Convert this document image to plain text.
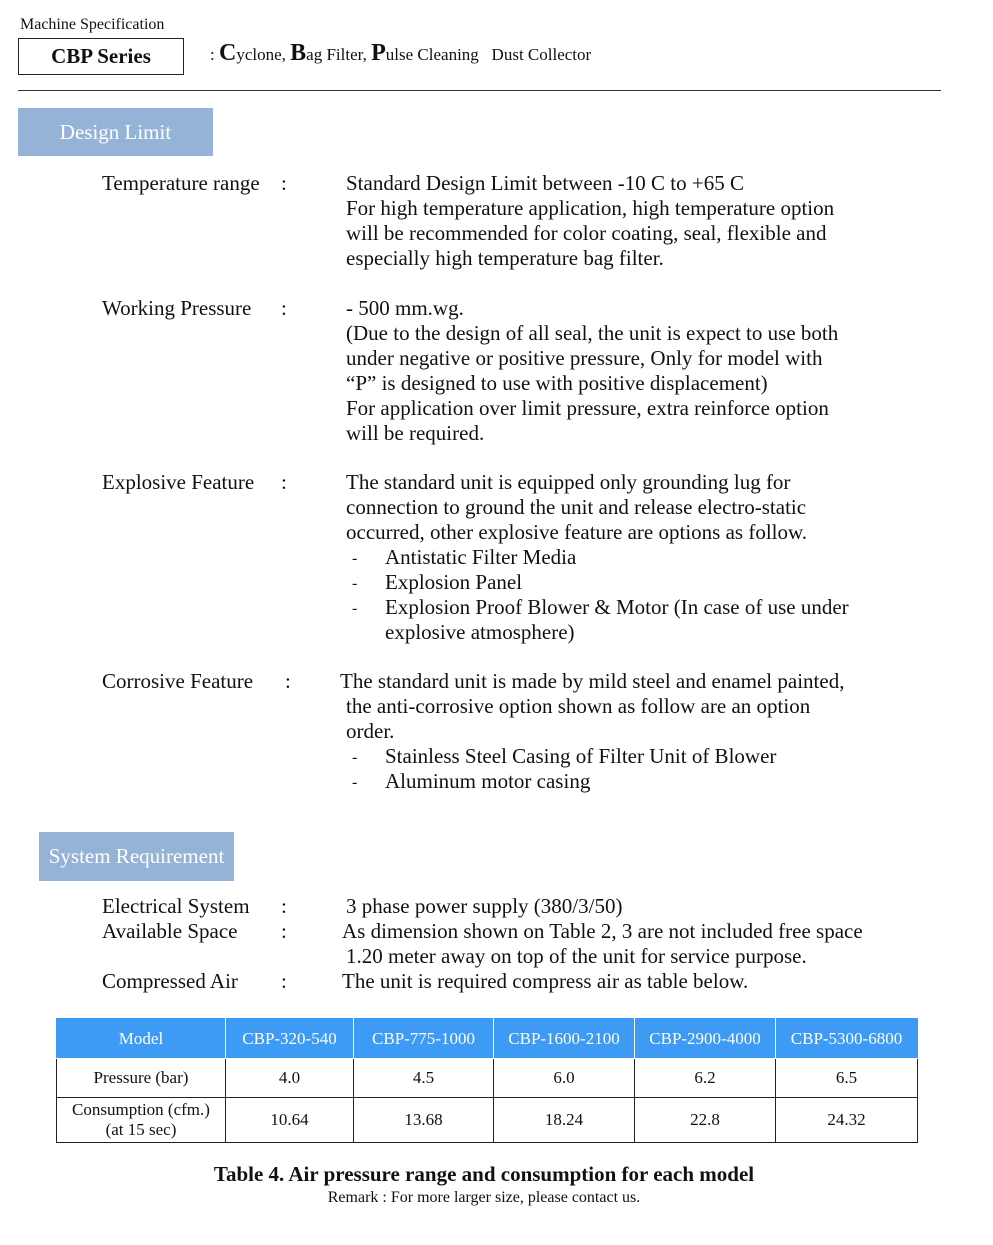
Machine Specification
CBP Series	: Cyclone, Bag Filter, Pulse Cleaning   Dust Collector
Design Limit
Temperature range :	Standard Design Limit between -10 C to +65 C
For high temperature application, high temperature option
will be recommended for color coating, seal, flexible and
especially high temperature bag filter.
Working Pressure :	- 500 mm.wg.
(Due to the design of all seal, the unit is expect to use both
under negative or positive pressure, Only for model with
“P” is designed to use with positive displacement)
For application over limit pressure, extra reinforce option
will be required.
Explosive Feature :	The standard unit is equipped only grounding lug for
connection to ground the unit and release electro-static
occurred, other explosive feature are options as follow.
-
-
-
Antistatic Filter Media
Explosion Panel
Explosion Proof Blower & Motor (In case of use under
explosive atmosphere)
Corrosive Feature : The standard unit is made by mild steel and enamel painted,
the anti-corrosive option shown as follow are an option
order.
-
-
Stainless Steel Casing of Filter Unit of Blower
Aluminum motor casing
System Requirement
Electrical System :	3 phase power supply (380/3/50)
Available Space :	As dimension shown on Table 2, 3 are not included free space
1.20 meter away on top of the unit for service purpose.
Compressed Air :	The unit is required compress air as table below.
Model	CBP-320-540	CBP-775-1000	CBP-1600-2100	CBP-2900-4000	CBP-5300-6800
Pressure (bar)	4.0	4.5	6.0	6.2	6.5

Consumption (cfm.)
(at 15 sec)	10.64	13.68	18.24	22.8	24.32
Table 4. Air pressure range and consumption for each model
Remark : For more larger size, please contact us.
